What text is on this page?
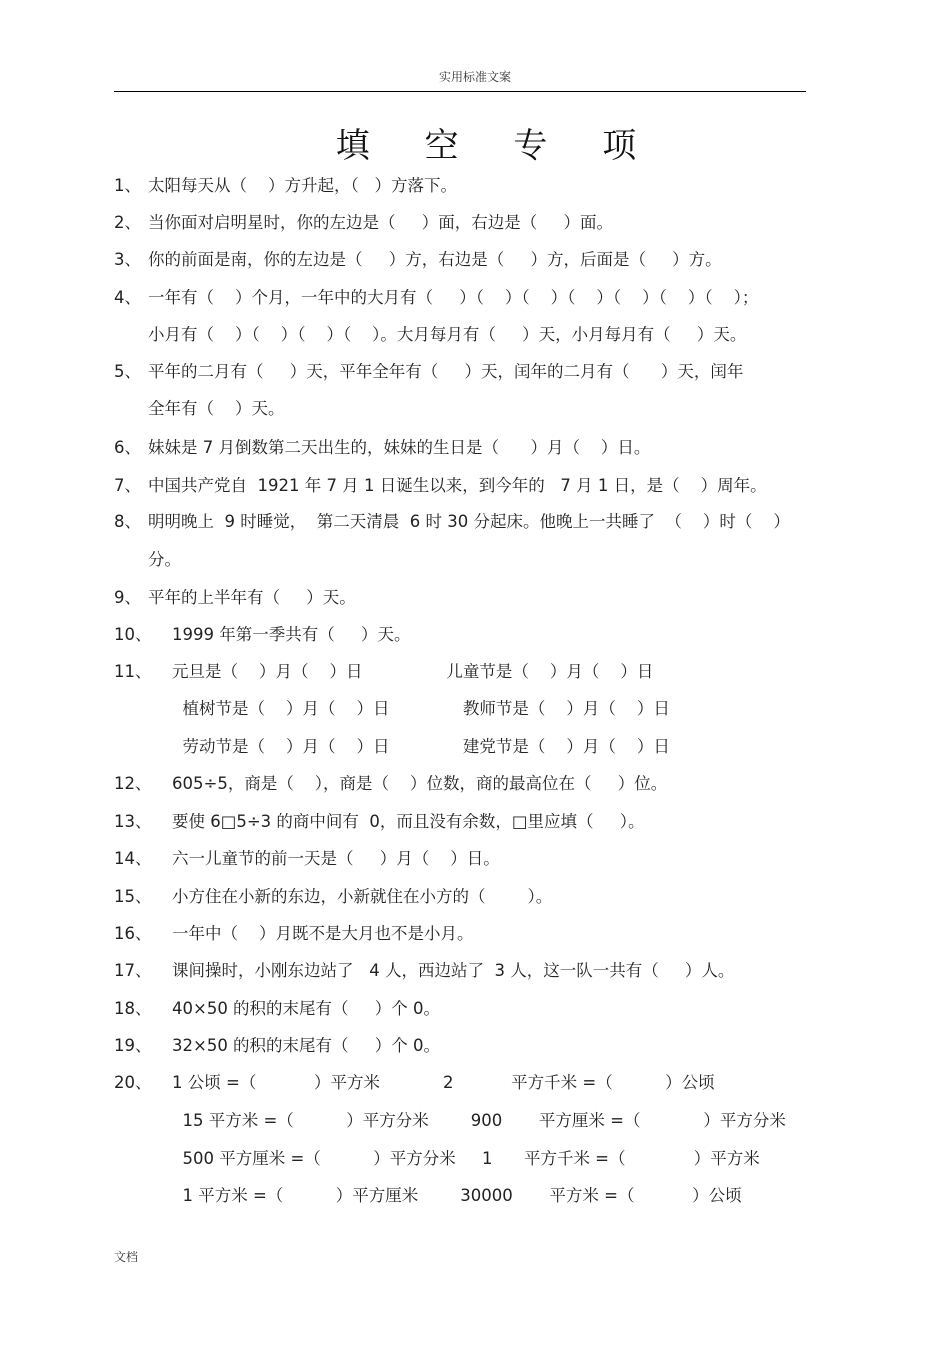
实用标准文案
填 空 专 项
1、 太阳每天从（    ）方升起，（   ）方落下。
2、 当你面对启明星时，你的左边是（     ）面，右边是（     ）面。
3、 你的前面是南，你的左边是（     ）方，右边是（     ）方，后面是（     ）方。
4、 一年有（    ）个月，一年中的大月有（     ）（    ）（    ）（    ）（    ）（    ）（    ）；
小月有（    ）（    ）（    ）（    ）。大月每月有（     ）天，小月每月有（     ）天。
5、 平年的二月有（     ）天，平年全年有（     ）天，闰年的二月有（      ）天，闰年
全年有（    ）天。
6、 妹妹是 7 月倒数第二天出生的，妹妹的生日是（      ）月（    ）日。
7、 中国共产党自  1921 年 7 月 1 日诞生以来，到今年的   7 月 1 日，是（    ）周年。
8、 明明晚上  9 时睡觉，  第二天清晨  6 时 30 分起床。他晚上一共睡了  （    ）时（    ）
分。
9、 平年的上半年有（     ）天。
10、 1999 年第一季共有（     ）天。
11、 元旦是（    ）月（    ）日                儿童节是（    ）月（    ）日
植树节是（    ）月（    ）日              教师节是（    ）月（    ）日
劳动节是（    ）月（    ）日              建党节是（    ）月（    ）日
12、 605÷5，商是（    ），商是（    ）位数，商的最高位在（     ）位。
13、 要使 6□5÷3 的商中间有  0，而且没有余数，□里应填（     ）。
14、 六一儿童节的前一天是（     ）月（    ）日。
15、 小方住在小新的东边，小新就住在小方的（        ）。
16、 一年中（    ）月既不是大月也不是小月。
17、 课间操时，小刚东边站了   4 人，西边站了  3 人，这一队一共有（     ）人。
18、 40×50 的积的末尾有（     ）个 0。
19、 32×50 的积的末尾有（     ）个 0。
20、 1 公顷 =（           ）平方米            2           平方千米 =（          ）公顷
15 平方米 =（          ）平方分米        900       平方厘米 =（            ）平方分米
500 平方厘米 =（          ）平方分米     1      平方千米 =（             ）平方米
1 平方米 =（          ）平方厘米        30000       平方米 =（           ）公顷
文档
